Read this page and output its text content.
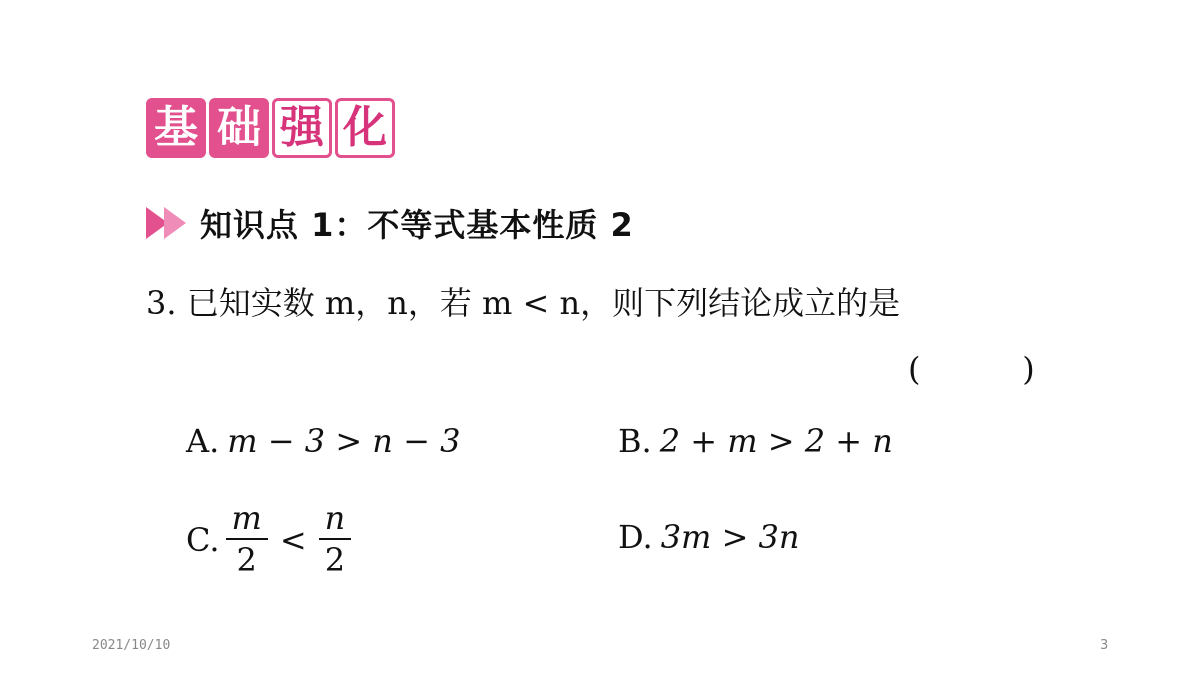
基 础 强 化
知识点 1：不等式基本性质 2
3. 已知实数 m，n，若 m < n，则下列结论成立的是
(          )
A. m − 3 > n − 3	B. 2 + m > 2 + n
C. $\frac{m}{2} < \frac{n}{2}$	D. 3m > 3n
2021/10/10	3
